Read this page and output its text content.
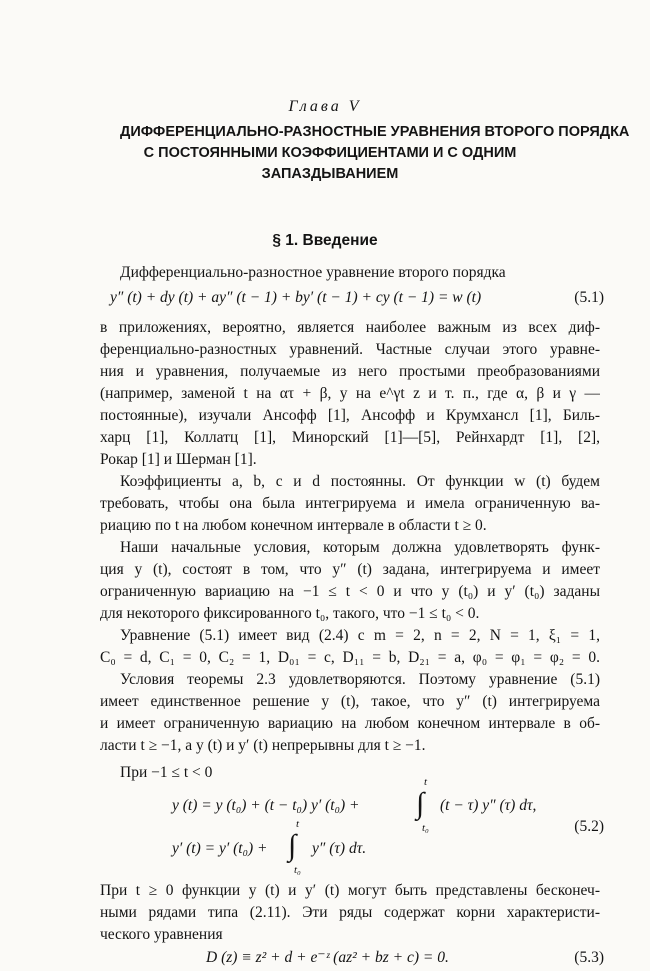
Глава V
ДИФФЕРЕНЦИАЛЬНО-РАЗНОСТНЫЕ УРАВНЕНИЯ ВТОРОГО ПОРЯДКА
С ПОСТОЯННЫМИ КОЭФФИЦИЕНТАМИ И С ОДНИМ
ЗАПАЗДЫВАНИЕМ
§ 1. Введение
Дифференциально-разностное уравнение второго порядка
y″ (t) + dy (t) + ay″ (t − 1) + by′ (t − 1) + cy (t − 1) = w (t)	(5.1)
в приложениях, вероятно, является наиболее важным из всех диф-
ференциально-разностных уравнений. Частные случаи этого уравне-
ния и уравнения, получаемые из него простыми преобразованиями
(например, заменой t на ατ + β, y на e^γt z и т. п., где α, β и γ —
постоянные), изучали Ансофф [1], Ансофф и Крумхансл [1], Биль-
харц [1], Коллатц [1], Минорский [1]—[5], Рейнхардт [1], [2],
Рокар [1] и Шерман [1].
Коэффициенты a, b, c и d постоянны. От функции w (t) будем
требовать, чтобы она была интегрируема и имела ограниченную ва-
риацию по t на любом конечном интервале в области t ≥ 0.
Наши начальные условия, которым должна удовлетворять функ-
ция y (t), состоят в том, что y″ (t) задана, интегрируема и имеет
ограниченную вариацию на −1 ≤ t < 0 и что y (t₀) и y′ (t₀) заданы
для некоторого фиксированного t₀, такого, что −1 ≤ t₀ < 0.
Уравнение (5.1) имеет вид (2.4) с m = 2, n = 2, N = 1, ξ₁ = 1,
C₀ = d, C₁ = 0, C₂ = 1, D₀₁ = c, D₁₁ = b, D₂₁ = a, φ₀ = φ₁ = φ₂ = 0.
Условия теоремы 2.3 удовлетворяются. Поэтому уравнение (5.1)
имеет единственное решение y (t), такое, что y″ (t) интегрируема
и имеет ограниченную вариацию на любом конечном интервале в об-
ласти t ≥ −1, а y (t) и y′ (t) непрерывны для t ≥ −1.
При −1 ≤ t < 0
y (t) = y (t₀) + (t − t₀) y′ (t₀) +
t
∫
t₀
(t − τ) y″ (τ) dτ,
(5.2)
y′ (t) = y′ (t₀) +
t
∫
t₀
y″ (τ) dτ.
При t ≥ 0 функции y (t) и y′ (t) могут быть представлены бесконеч-
ными рядами типа (2.11). Эти ряды содержат корни характеристи-
ческого уравнения
D (z) ≡ z² + d + e⁻ᶻ (az² + bz + c) = 0.	(5.3)
